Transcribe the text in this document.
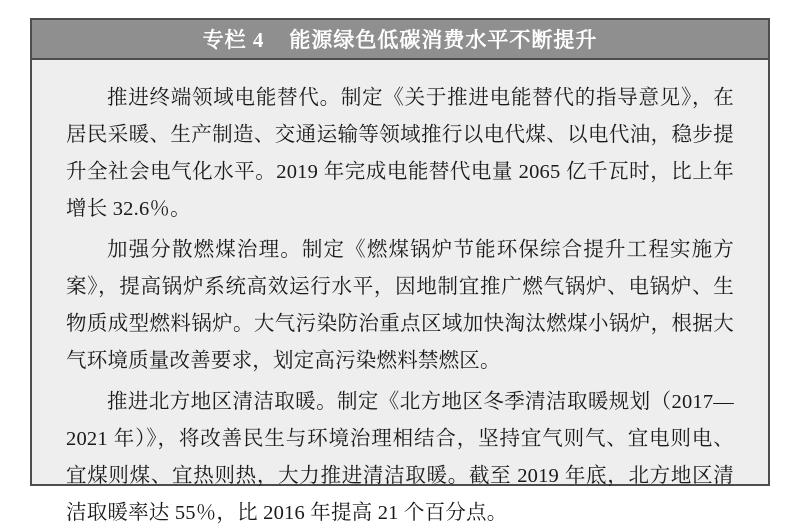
专栏 4    能源绿色低碳消费水平不断提升

推进终端领域电能替代。制定《关于推进电能替代的指导意见》，在居民采暖、生产制造、交通运输等领域推行以电代煤、以电代油，稳步提升全社会电气化水平。2019 年完成电能替代电量 2065 亿千瓦时，比上年增长 32.6％。

加强分散燃煤治理。制定《燃煤锅炉节能环保综合提升工程实施方案》，提高锅炉系统高效运行水平，因地制宜推广燃气锅炉、电锅炉、生物质成型燃料锅炉。大气污染防治重点区域加快淘汰燃煤小锅炉，根据大气环境质量改善要求，划定高污染燃料禁燃区。

推进北方地区清洁取暖。制定《北方地区冬季清洁取暖规划（2017—2021 年）》，将改善民生与环境治理相结合，坚持宜气则气、宜电则电、宜煤则煤、宜热则热，大力推进清洁取暖。截至 2019 年底，北方地区清洁取暖率达 55％，比 2016 年提高 21 个百分点。
